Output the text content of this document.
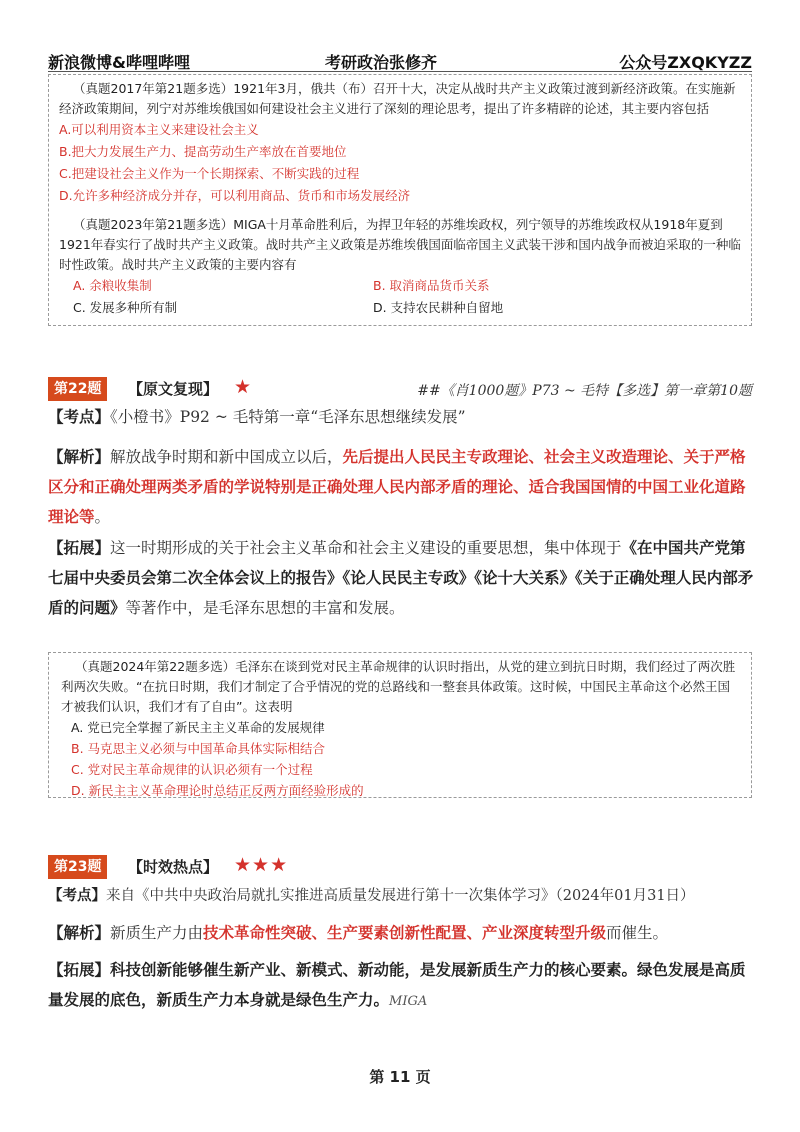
新浪微博&哔哩哔哩	考研政治张修齐	公众号ZXQKYZZ

（真题2017年第21题多选）1921年3月，俄共（布）召开十大，决定从战时共产主义政策过渡到新经济政策。在实施新经济政策期间，列宁对苏维埃俄国如何建设社会主义进行了深刻的理论思考，提出了许多精辟的论述，其主要内容包括

A.可以利用资本主义来建设社会主义

B.把大力发展生产力、提高劳动生产率放在首要地位

C.把建设社会主义作为一个长期探索、不断实践的过程

D.允许多种经济成分并存，可以利用商品、货币和市场发展经济

（真题2023年第21题多选）MIGA十月革命胜利后，为捍卫年轻的苏维埃政权，列宁领导的苏维埃政权从1918年夏到1921年春实行了战时共产主义政策。战时共产主义政策是苏维埃俄国面临帝国主义武装干涉和国内战争而被迫采取的一种临时性政策。战时共产主义政策的主要内容有

A. 余粮收集制	B. 取消商品货币关系
C. 发展多种所有制	D. 支持农民耕种自留地
第22题	【原文复现】 ★	##《肖1000题》P73 ~ 毛特【多选】第一章第10题
【考点】《小橙书》P92 ~ 毛特第一章“毛泽东思想继续发展”
【解析】解放战争时期和新中国成立以后，先后提出人民民主专政理论、社会主义改造理论、关于严格区分和正确处理两类矛盾的学说特别是正确处理人民内部矛盾的理论、适合我国国情的中国工业化道路理论等。
【拓展】这一时期形成的关于社会主义革命和社会主义建设的重要思想，集中体现于《在中国共产党第七届中央委员会第二次全体会议上的报告》《论人民民主专政》《论十大关系》《关于正确处理人民内部矛盾的问题》等著作中，是毛泽东思想的丰富和发展。

（真题2024年第22题多选）毛泽东在谈到党对民主革命规律的认识时指出，从党的建立到抗日时期，我们经过了两次胜利两次失败。“在抗日时期，我们才制定了合乎情况的党的总路线和一整套具体政策。这时候，中国民主革命这个必然王国才被我们认识，我们才有了自由”。这表明

A. 党已完全掌握了新民主主义革命的发展规律

B. 马克思主义必须与中国革命具体实际相结合

C. 党对民主革命规律的认识必须有一个过程

D. 新民主主义革命理论时总结正反两方面经验形成的

第23题	【时效热点】 ★★★
【考点】来自《中共中央政治局就扎实推进高质量发展进行第十一次集体学习》（2024年01月31日）
【解析】新质生产力由技术革命性突破、生产要素创新性配置、产业深度转型升级而催生。
【拓展】科技创新能够催生新产业、新模式、新动能，是发展新质生产力的核心要素。绿色发展是高质量发展的底色，新质生产力本身就是绿色生产力。MIGA
第 11 页
